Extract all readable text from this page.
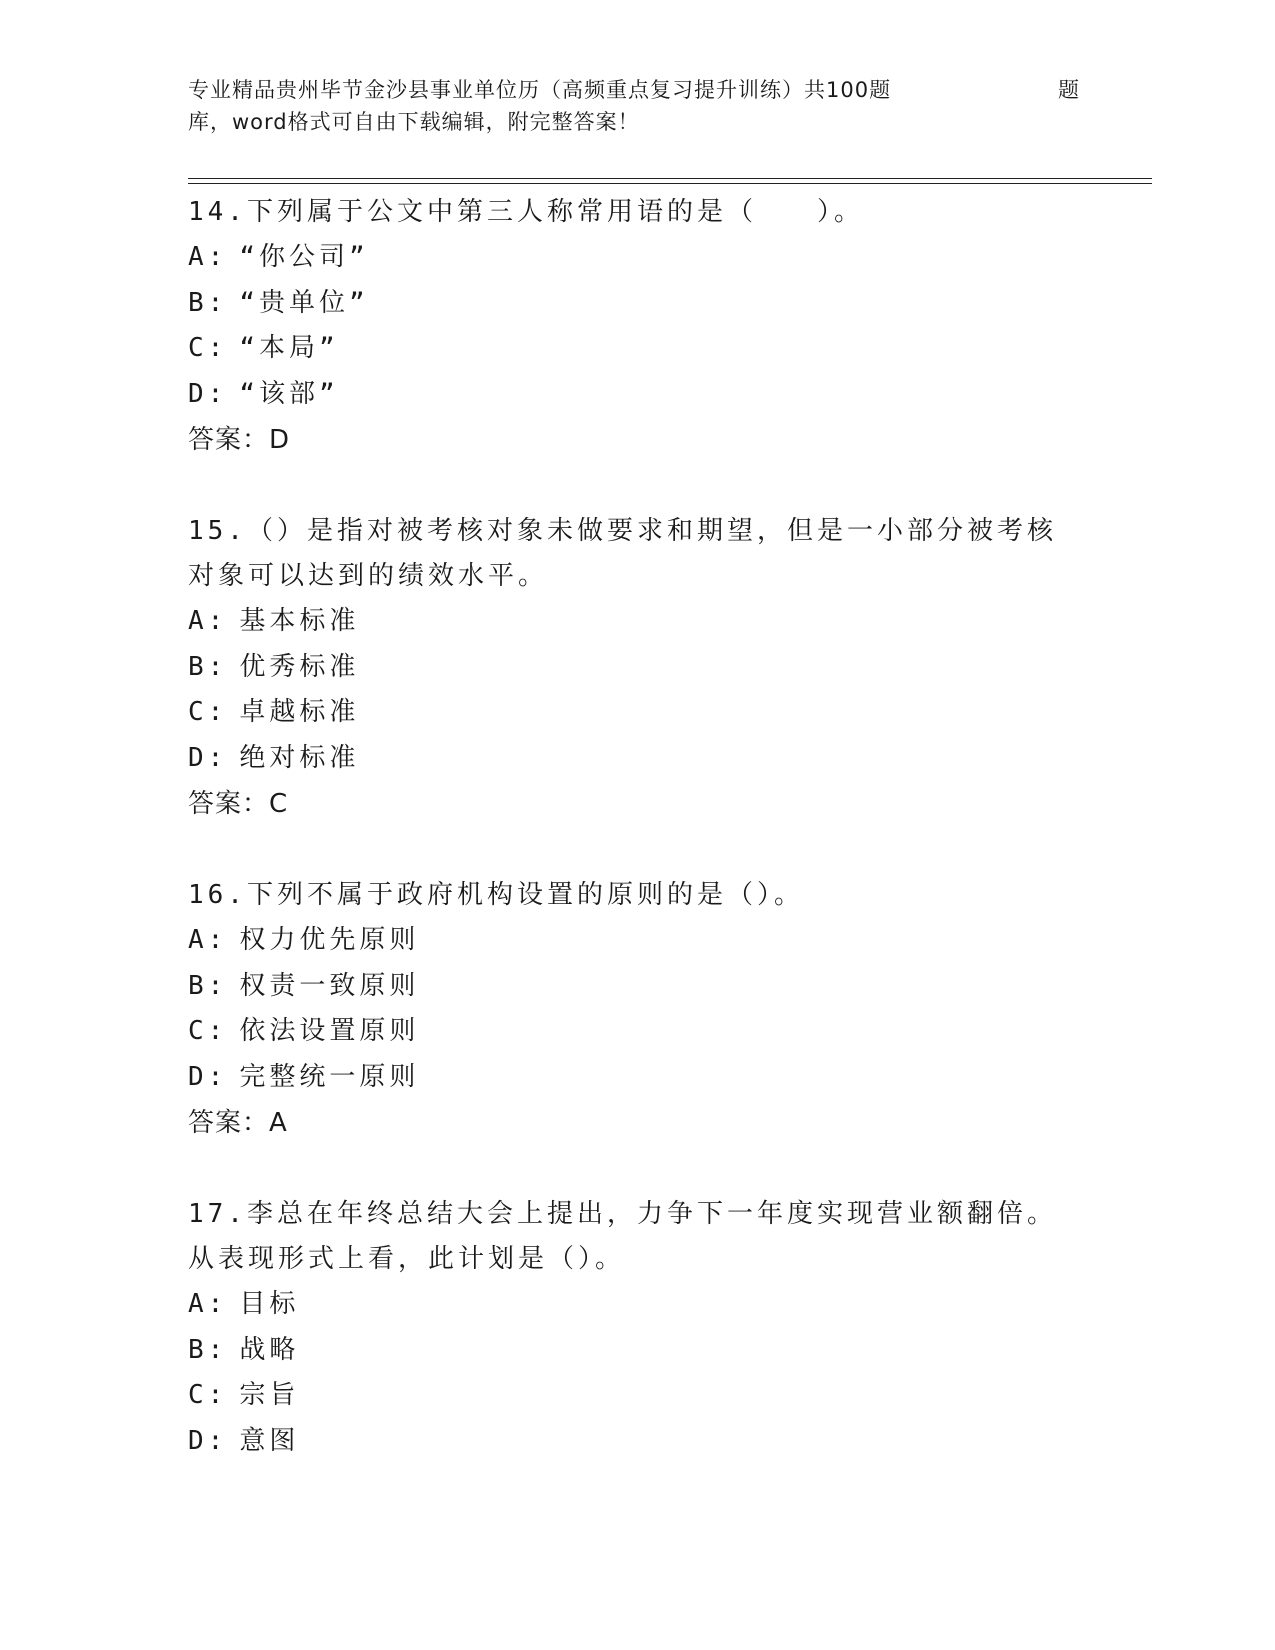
专业精品贵州毕节金沙县事业单位历（高频重点复习提升训练）共100题	题
库，word格式可自由下载编辑，附完整答案！
14.下列属于公文中第三人称常用语的是（　　）。
A: “你公司”
B: “贵单位”
C: “本局”
D: “该部”
答案：D
15.（）是指对被考核对象未做要求和期望，但是一小部分被考核对象可以达到的绩效水平。
A: 基本标准
B: 优秀标准
C: 卓越标准
D: 绝对标准
答案：C
16.下列不属于政府机构设置的原则的是（）。
A: 权力优先原则
B: 权责一致原则
C: 依法设置原则
D: 完整统一原则
答案：A
17.李总在年终总结大会上提出，力争下一年度实现营业额翻倍。从表现形式上看，此计划是（）。
A: 目标
B: 战略
C: 宗旨
D: 意图
